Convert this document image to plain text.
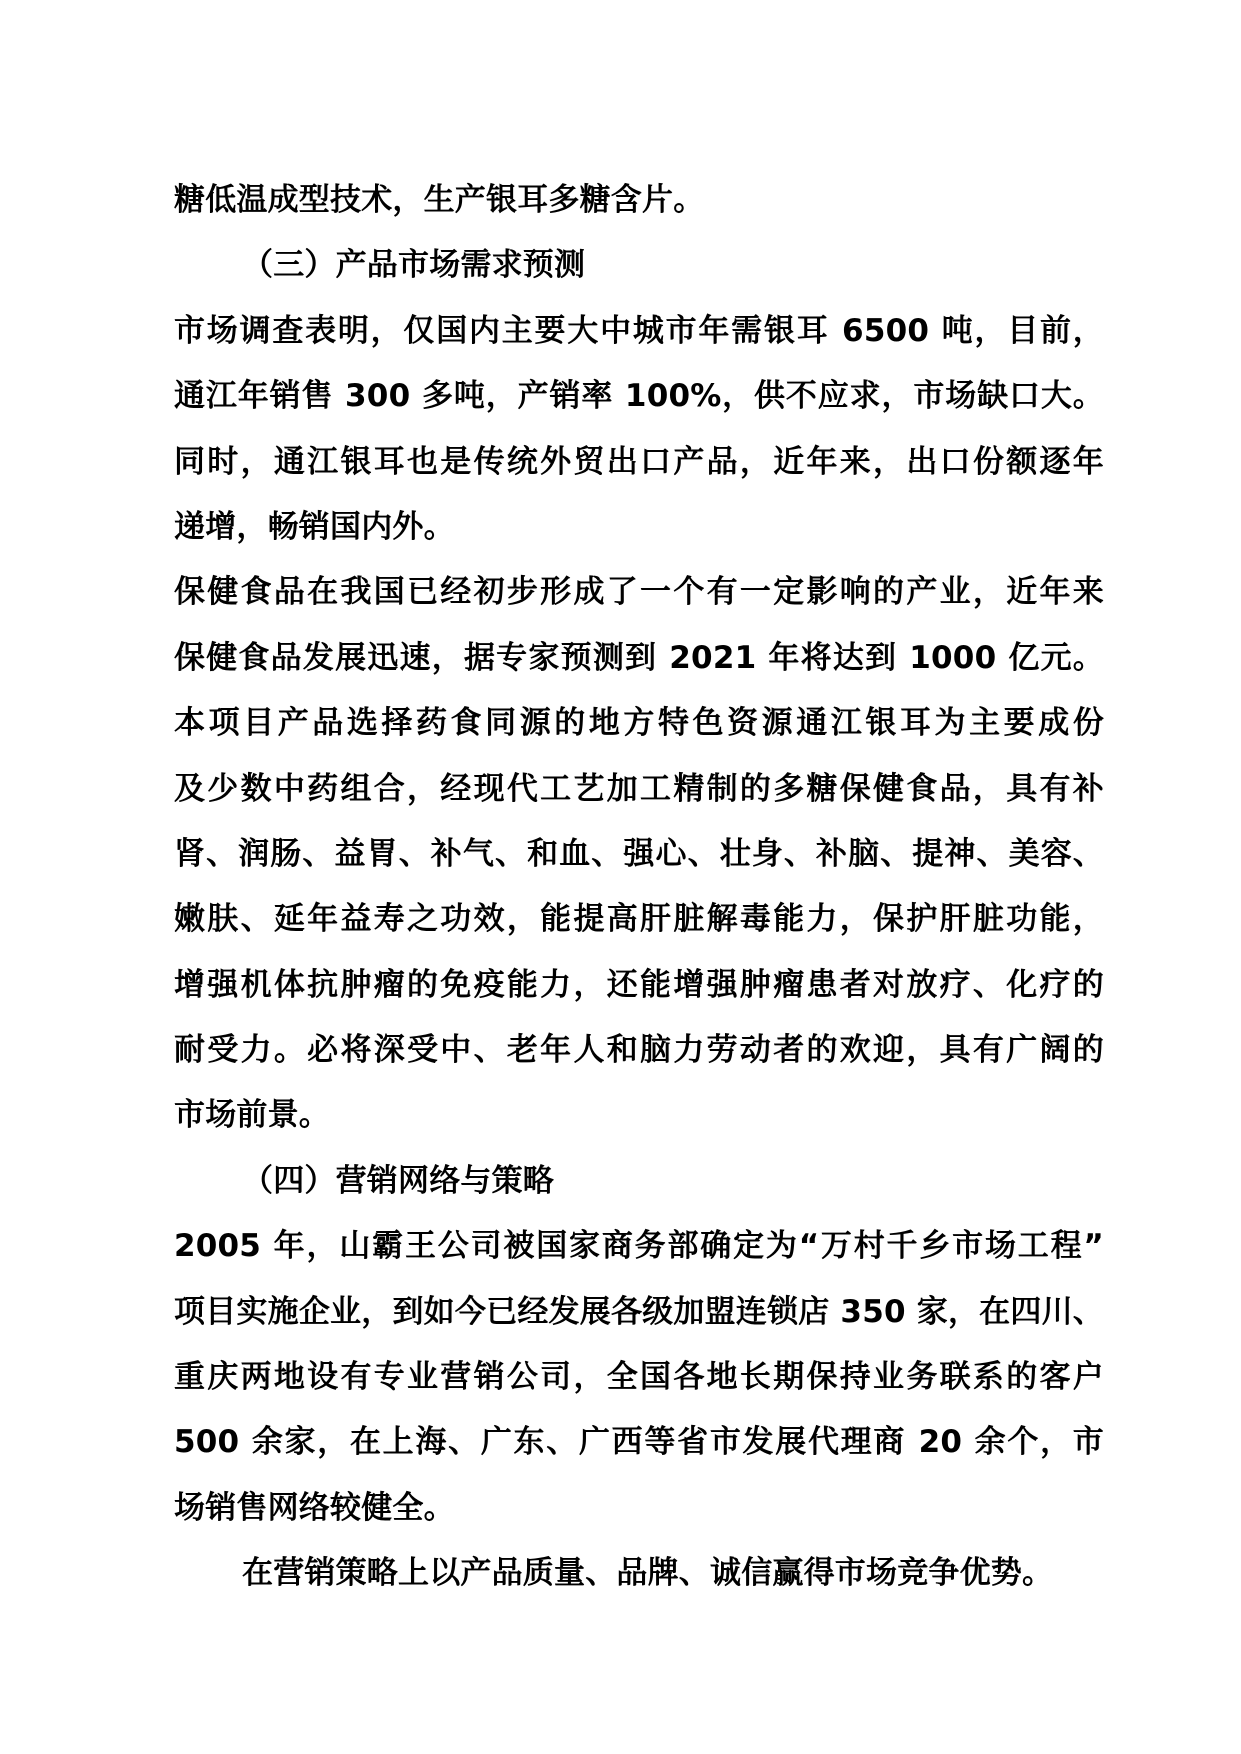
糖低温成型技术，生产银耳多糖含片。
（三）产品市场需求预测
市场调查表明，仅国内主要大中城市年需银耳 6500 吨，目前，
通江年销售 300 多吨，产销率 100%，供不应求，市场缺口大。
同时，通江银耳也是传统外贸出口产品，近年来，出口份额逐年
递增，畅销国内外。
保健食品在我国已经初步形成了一个有一定影响的产业，近年来
保健食品发展迅速，据专家预测到 2021 年将达到 1000 亿元。
本项目产品选择药食同源的地方特色资源通江银耳为主要成份
及少数中药组合，经现代工艺加工精制的多糖保健食品，具有补
肾、润肠、益胃、补气、和血、强心、壮身、补脑、提神、美容、
嫩肤、延年益寿之功效，能提高肝脏解毒能力，保护肝脏功能，
增强机体抗肿瘤的免疫能力，还能增强肿瘤患者对放疗、化疗的
耐受力。必将深受中、老年人和脑力劳动者的欢迎，具有广阔的
市场前景。
（四）营销网络与策略
2005 年，山霸王公司被国家商务部确定为“万村千乡市场工程”
项目实施企业，到如今已经发展各级加盟连锁店 350 家，在四川、
重庆两地设有专业营销公司，全国各地长期保持业务联系的客户
500 余家，在上海、广东、广西等省市发展代理商 20 余个，市
场销售网络较健全。
在营销策略上以产品质量、品牌、诚信赢得市场竞争优势。
